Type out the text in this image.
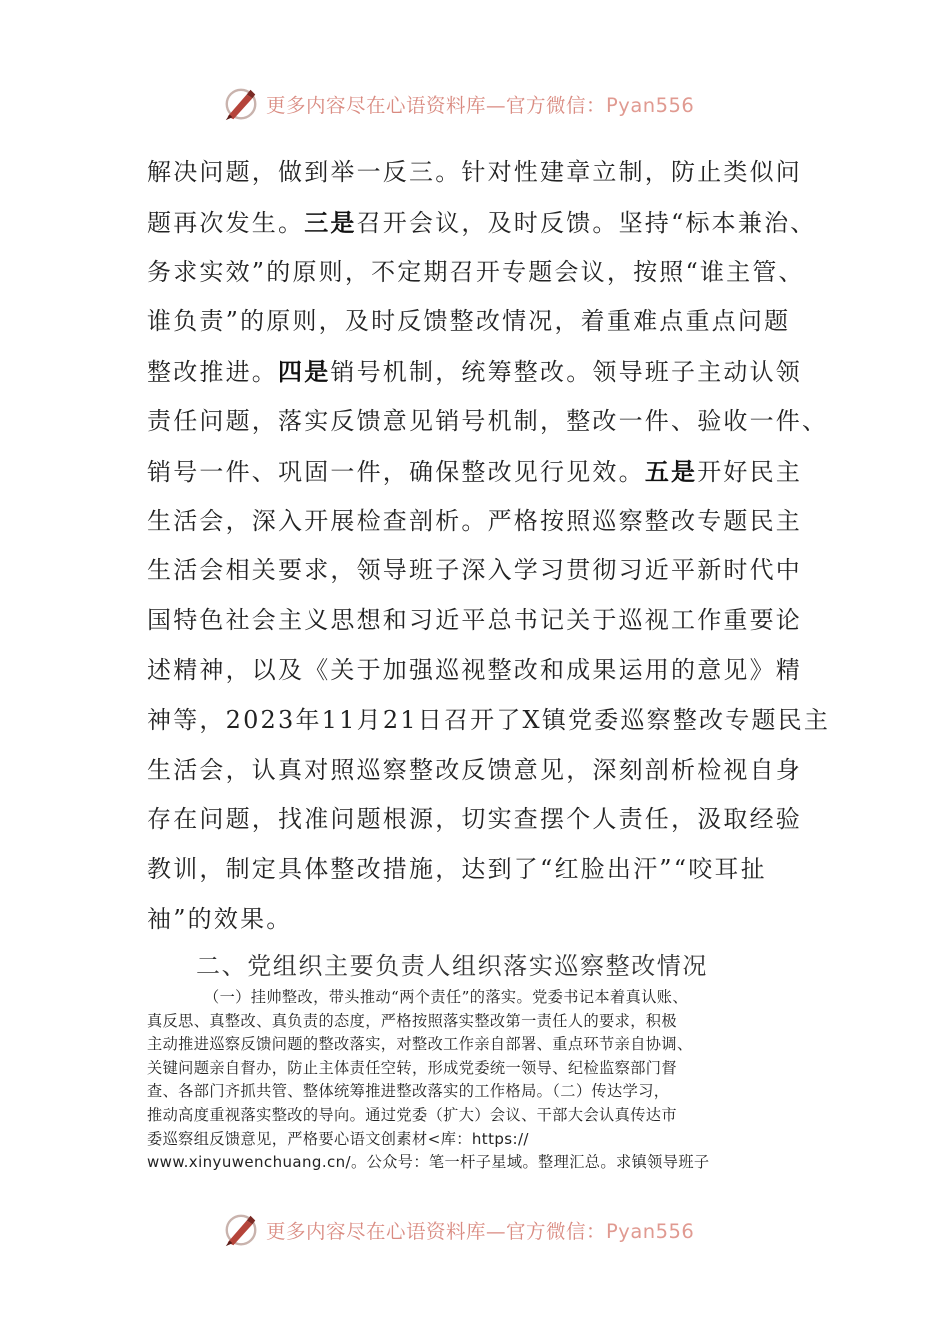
更多内容尽在心语资料库—官方微信：Pyan556
解决问题，做到举一反三。针对性建章立制，防止类似问
题再次发生。三是召开会议，及时反馈。坚持“标本兼治、
务求实效”的原则，不定期召开专题会议，按照“谁主管、
谁负责”的原则，及时反馈整改情况，着重难点重点问题
整改推进。四是销号机制，统筹整改。领导班子主动认领
责任问题，落实反馈意见销号机制，整改一件、验收一件、
销号一件、巩固一件，确保整改见行见效。五是开好民主
生活会，深入开展检查剖析。严格按照巡察整改专题民主
生活会相关要求，领导班子深入学习贯彻习近平新时代中
国特色社会主义思想和习近平总书记关于巡视工作重要论
述精神，以及《关于加强巡视整改和成果运用的意见》精
神等，2023年11月21日召开了X镇党委巡察整改专题民主
生活会，认真对照巡察整改反馈意见，深刻剖析检视自身
存在问题，找准问题根源，切实查摆个人责任，汲取经验
教训，制定具体整改措施，达到了“红脸出汗”“咬耳扯
袖”的效果。
二、党组织主要负责人组织落实巡察整改情况
（一）挂帅整改，带头推动“两个责任”的落实。党委书记本着真认账、
真反思、真整改、真负责的态度，严格按照落实整改第一责任人的要求，积极
主动推进巡察反馈问题的整改落实，对整改工作亲自部署、重点环节亲自协调、
关键问题亲自督办，防止主体责任空转，形成党委统一领导、纪检监察部门督
查、各部门齐抓共管、整体统筹推进整改落实的工作格局。（二）传达学习，
推动高度重视落实整改的导向。通过党委（扩大）会议、干部大会认真传达市
委巡察组反馈意见，严格要心语文创素材<库：https://
www.xinyuwenchuang.cn/。公众号：笔一杆子星域。整理汇总。求镇领导班子
更多内容尽在心语资料库—官方微信：Pyan556
